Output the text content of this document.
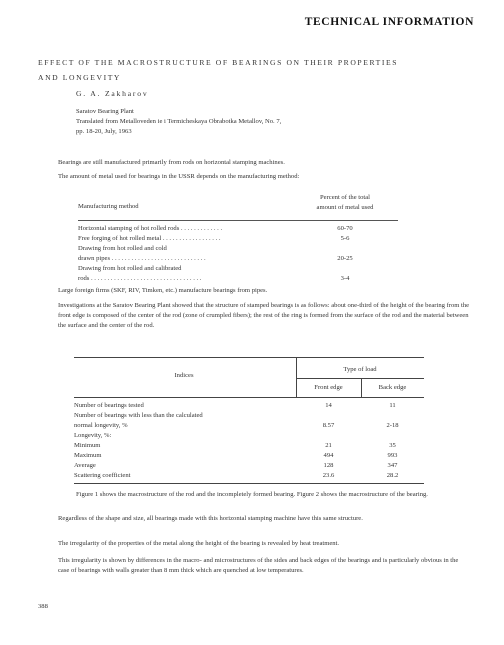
TECHNICAL INFORMATION
EFFECT OF THE MACROSTRUCTURE OF BEARINGS ON THEIR PROPERTIES
AND LONGEVITY
G. A. Zakharov
Saratov Bearing Plant
Translated from Metalloveden ie i Termicheskaya Obrabotka Metallov, No. 7,
pp. 18-20, July, 1963
Bearings are still manufactured primarily from rods on horizontal stamping machines.
The amount of metal used for bearings in the USSR depends on the manufacturing method:
Manufacturing method
Percent of the total
amount of metal used
Horizontal stamping of hot rolled rods . . . . . . . . . . . . .	60-70
Free forging of hot rolled metal . . . . . . . . . . . . . . . . . .	5-6
Drawing from hot rolled and cold
drawn pipes . . . . . . . . . . . . . . . . . . . . . . . . . . . . .	20-25
Drawing from hot rolled and calibrated
rods . . . . . . . . . . . . . . . . . . . . . . . . . . . . . . . . . .	3-4
Large foreign firms (SKF, RIV, Timken, etc.) manufacture bearings from pipes.
Investigations at the Saratov Bearing Plant showed that the structure of stamped bearings is as follows: about one-third of the height of the bearing from the front edge is composed of the center of the rod (zone of crumpled fibers); the rest of the ring is formed from the surface of the rod and the material between the surface and the center of the rod.
Indices
Type of load
Front edge	Back edge
Number of bearings tested	14	11
Number of bearings with less than the calculated
normal longevity, %	8.57	2-18
Longevity, %:
Minimum	21	35
Maximum	494	993
Average	128	347
Scattering coefficient	23.6	28.2
Figure 1 shows the macrostructure of the rod and the incompletely formed bearing. Figure 2 shows the macrostructure of the bearing.
Regardless of the shape and size, all bearings made with this horizontal stamping machine have this same structure.
The irregularity of the properties of the metal along the height of the bearing is revealed by heat treatment.
This irregularity is shown by differences in the macro- and microstructures of the sides and back edges of the bearings and is particularly obvious in the case of bearings with walls greater than 8 mm thick which are quenched at low temperatures.
388
